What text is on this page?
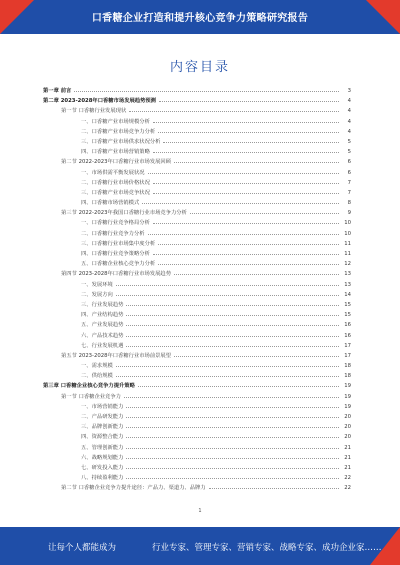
口香糖企业打造和提升核心竞争力策略研究报告
内容目录
第一章 前言	3
第二章 2023-2028年口香糖市场发展趋势预测	4
第一节 口香糖行业发展现状	4
一、口香糖产业市场规模分析	4
二、口香糖产业市场竞争力分析	4
三、口香糖产业市场供求状况分析	5
四、口香糖产业市场营销策略	5
第二节 2022-2023年口香糖行业市场发展回顾	6
一、市场供需平衡发展状况	6
二、口香糖行业市场价格状况	7
三、口香糖产业市场竞争状况	7
四、口香糖市场营销模式	8
第三节 2022-2023年我国口香糖行业市场竞争力分析	9
一、口香糖行业竞争格局分析	10
二、口香糖行业竞争力分析	10
三、口香糖行业市场集中度分析	11
四、口香糖行业竞争策略分析	11
五、口香糖企业核心竞争力分析	12
第四节 2023-2028年口香糖行业市场发展趋势	13
一、发展环境	13
二、发展方向	14
三、行业发展趋势	15
四、产业结构趋势	15
五、产业发展趋势	16
六、产品技术趋势	16
七、行业发展机遇	17
第五节 2023-2028年口香糖行业市场前景展望	17
一、需求规模	18
二、供给规模	18
第三章 口香糖企业核心竞争力提升策略	19
第一节 口香糖企业竞争力	19
一、市场营销能力	19
二、产品研发能力	20
三、品牌创新能力	20
四、资源整合能力	20
五、管理创新能力	21
六、战略规划能力	21
七、研发投入能力	21
八、持续盈利能力	22
第二节 口香糖企业竞争力提升途径：产品力、渠道力、品牌力	22
1
让每个人都能成为	行业专家、管理专家、营销专家、战略专家、成功企业家……
